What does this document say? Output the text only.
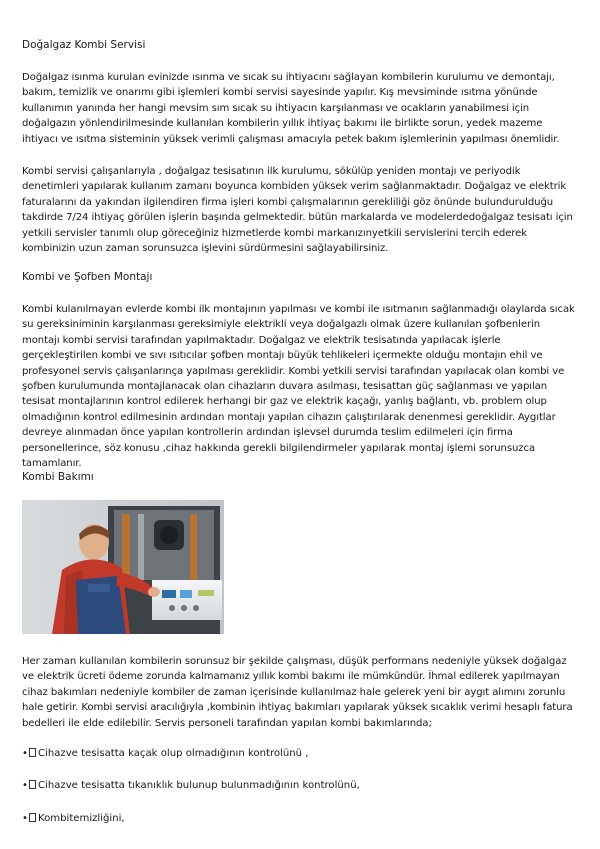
Doğalgaz Kombi Servisi

Doğalgaz ısınma kurulan evinizde ısınma ve sıcak su ihtiyacını sağlayan kombilerin kurulumu ve demontajı, bakım, temizlik ve onarımı gibi işlemleri kombi servisi sayesinde yapılır. Kış mevsiminde ısıtma yönünde kullanımın yanında her hangi mevsim sım sıcak su ihtiyacın karşılanması ve ocakların yanabilmesi için doğalgazın yönlendirilmesinde kullanılan kombilerin yıllık ihtiyaç bakımı ile birlikte sorun, yedek mazeme ihtiyacı ve ısıtma sisteminin yüksek verimli çalışması amacıyla petek bakım işlemlerinin yapılması önemlidir.

Kombi servisi çalışanlarıyla , doğalgaz tesisatının ilk kurulumu, sökülüp yeniden montajı ve periyodik denetimleri yapılarak kullanım zamanı boyunca kombiden yüksek verim sağlanmaktadır. Doğalgaz ve elektrik faturalarını da yakından ilgilendiren firma işleri kombi çalışmalarının gerekliliği göz önünde bulundurulduğu takdirde 7/24 ihtiyaç görülen işlerin başında gelmektedir. bütün markalarda ve modelerdedoğalgaz tesisatı için yetkili servisler tanımlı olup göreceğiniz hizmetlerde kombi markanızınyetkili servislerini tercih ederek kombinizin uzun zaman sorunsuzca işlevini sürdürmesini sağlayabilirsiniz.

Kombi ve Şofben Montajı

Kombi kulanılmayan evlerde kombi ilk montajının yapılması ve kombi ile ısıtmanın sağlanmadığı olaylarda sıcak su gereksiniminin karşılanması gereksimiyle elektrikli veya doğalgazlı olmak üzere kullanılan şofbenlerin montajı kombi servisi tarafından yapılmaktadır. Doğalgaz ve elektrik tesisatında yapılacak işlerle gerçekleştirilen kombi ve sıvı ısıtıcılar şofben montajı büyük tehlikeleri içermekte olduğu montajın ehil ve profesyonel servis çalışanlarınça yapılması gereklidir. Kombi yetkili servisi tarafından yapılacak olan kombi ve şofben kurulumunda montajlanacak olan cihazların duvara asılması, tesisattan güç sağlanması ve yapılan tesisat montajlarının kontrol edilerek herhangi bir gaz ve elektrik kaçağı, yanlış bağlantı, vb. problem olup olmadığının kontrol edilmesinin ardından montajı yapılan cihazın çalıştırılarak denenmesi gereklidir. Aygıtlar devreye alınmadan önce yapılan kontrollerin ardından işlevsel durumda teslim edilmeleri için firma personellerince, söz konusu ,cihaz hakkında gerekli bilgilendirmeler yapılarak montaj işlemi sorunsuzca tamamlanır.

Kombi Bakımı

Her zaman kullanılan kombilerin sorunsuz bir şekilde çalışması, düşük performans nedeniyle yüksek doğalgaz ve elektrik ücreti ödeme zorunda kalmamanız yıllık kombi bakımı ile mümkündür. İhmal edilerek yapılmayan cihaz bakımları nedeniyle kombiler de zaman içerisinde kullanılmaz hale gelerek yeni bir aygıt alımını zorunlu hale getirir. Kombi servisi aracılığıyla ,kombinin ihtiyaç bakımları yapılarak yüksek sıcaklık verimi hesaplı fatura bedelleri ile elde edilebilir. Servis personeli tarafından yapılan kombi bakımlarında;

• Cihazve tesisatta kaçak olup olmadığının kontrolünü ,

• Cihazve tesisatta tıkanıklık bulunup bulunmadığının kontrolünü,

• Kombitemizliğini,
